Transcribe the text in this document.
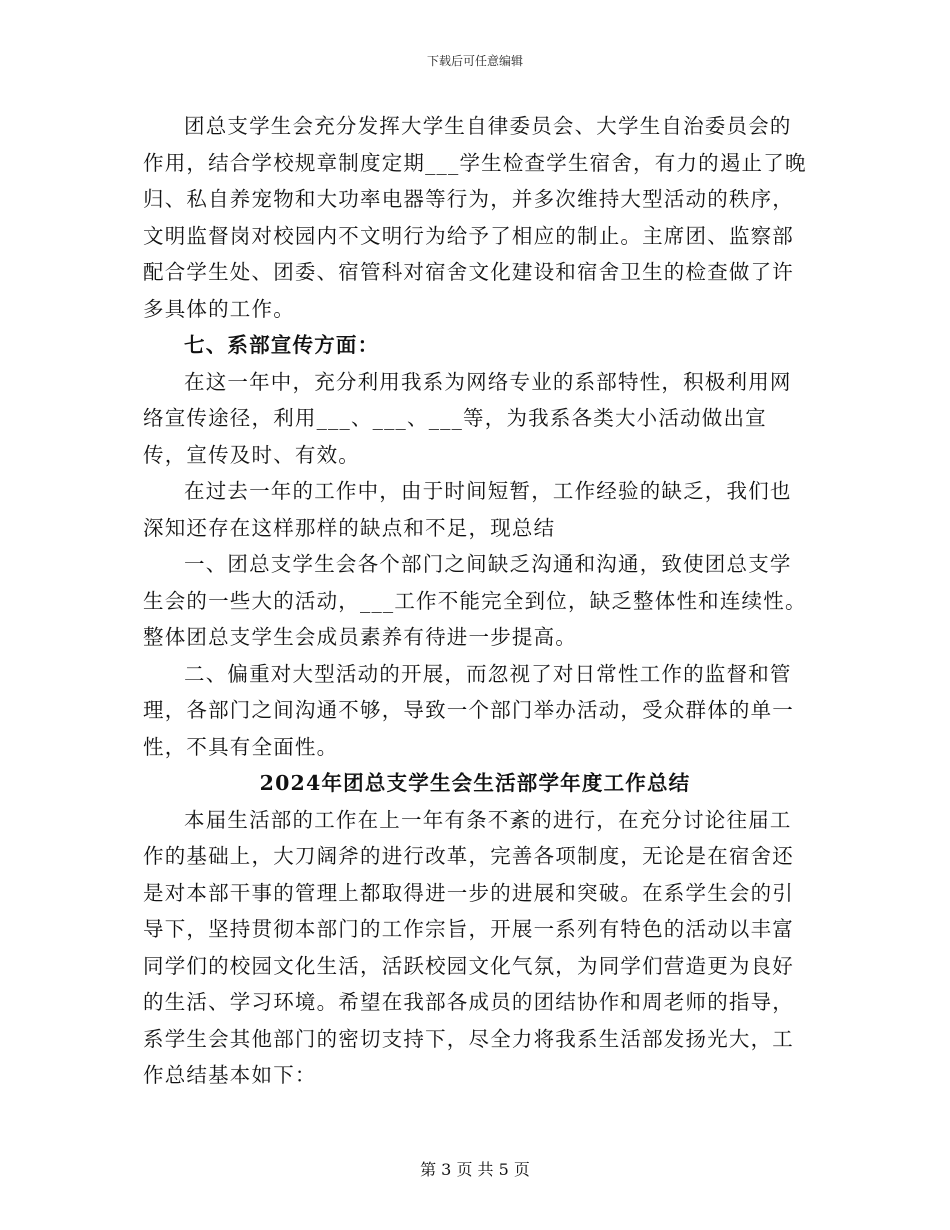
下载后可任意编辑

团总支学生会充分发挥大学生自律委员会、大学生自治委员会的作用，结合学校规章制度定期___学生检查学生宿舍，有力的遏止了晚归、私自养宠物和大功率电器等行为，并多次维持大型活动的秩序，文明监督岗对校园内不文明行为给予了相应的制止。主席团、监察部配合学生处、团委、宿管科对宿舍文化建设和宿舍卫生的检查做了许多具体的工作。

七、系部宣传方面：

在这一年中，充分利用我系为网络专业的系部特性，积极利用网络宣传途径，利用___、___、___等，为我系各类大小活动做出宣传，宣传及时、有效。

在过去一年的工作中，由于时间短暂，工作经验的缺乏，我们也深知还存在这样那样的缺点和不足，现总结

一、团总支学生会各个部门之间缺乏沟通和沟通，致使团总支学生会的一些大的活动，___工作不能完全到位，缺乏整体性和连续性。整体团总支学生会成员素养有待进一步提高。

二、偏重对大型活动的开展，而忽视了对日常性工作的监督和管理，各部门之间沟通不够，导致一个部门举办活动，受众群体的单一性，不具有全面性。

2024年团总支学生会生活部学年度工作总结

本届生活部的工作在上一年有条不紊的进行，在充分讨论往届工作的基础上，大刀阔斧的进行改革，完善各项制度，无论是在宿舍还是对本部干事的管理上都取得进一步的进展和突破。在系学生会的引导下，坚持贯彻本部门的工作宗旨，开展一系列有特色的活动以丰富同学们的校园文化生活，活跃校园文化气氛，为同学们营造更为良好的生活、学习环境。希望在我部各成员的团结协作和周老师的指导，系学生会其他部门的密切支持下，尽全力将我系生活部发扬光大，工作总结基本如下：

第 3 页 共 5 页
